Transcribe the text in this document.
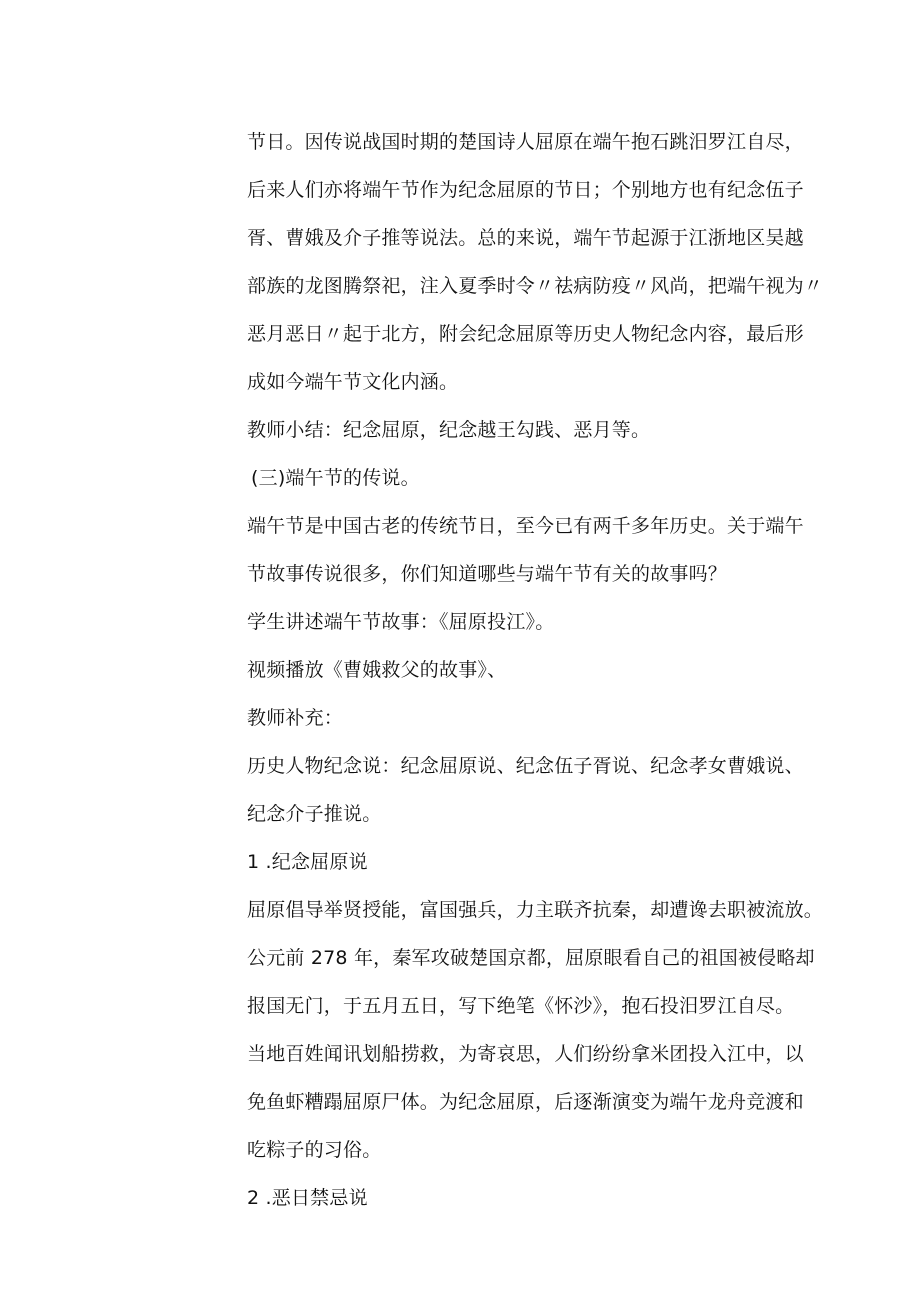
节日。因传说战国时期的楚国诗人屈原在端午抱石跳汨罗江自尽，
后来人们亦将端午节作为纪念屈原的节日；个别地方也有纪念伍子
胥、曹娥及介子推等说法。总的来说，端午节起源于江浙地区吴越
部族的龙图腾祭祀，注入夏季时令〃祛病防疫〃风尚，把端午视为〃
恶月恶日〃起于北方，附会纪念屈原等历史人物纪念内容，最后形
成如今端午节文化内涵。
教师小结：纪念屈原，纪念越王勾践、恶月等。
(三)端午节的传说。
端午节是中国古老的传统节日，至今已有两千多年历史。关于端午
节故事传说很多，你们知道哪些与端午节有关的故事吗？
学生讲述端午节故事：《屈原投江》。
视频播放《曹娥救父的故事》、
教师补充：
历史人物纪念说：纪念屈原说、纪念伍子胥说、纪念孝女曹娥说、
纪念介子推说。
1 .纪念屈原说
屈原倡导举贤授能，富国强兵，力主联齐抗秦，却遭谗去职被流放。
公元前 278 年，秦军攻破楚国京都，屈原眼看自己的祖国被侵略却
报国无门，于五月五日，写下绝笔《怀沙》，抱石投汨罗江自尽。
当地百姓闻讯划船捞救，为寄哀思，人们纷纷拿米团投入江中，以
免鱼虾糟蹋屈原尸体。为纪念屈原，后逐渐演变为端午龙舟竞渡和
吃粽子的习俗。
2 .恶日禁忌说
